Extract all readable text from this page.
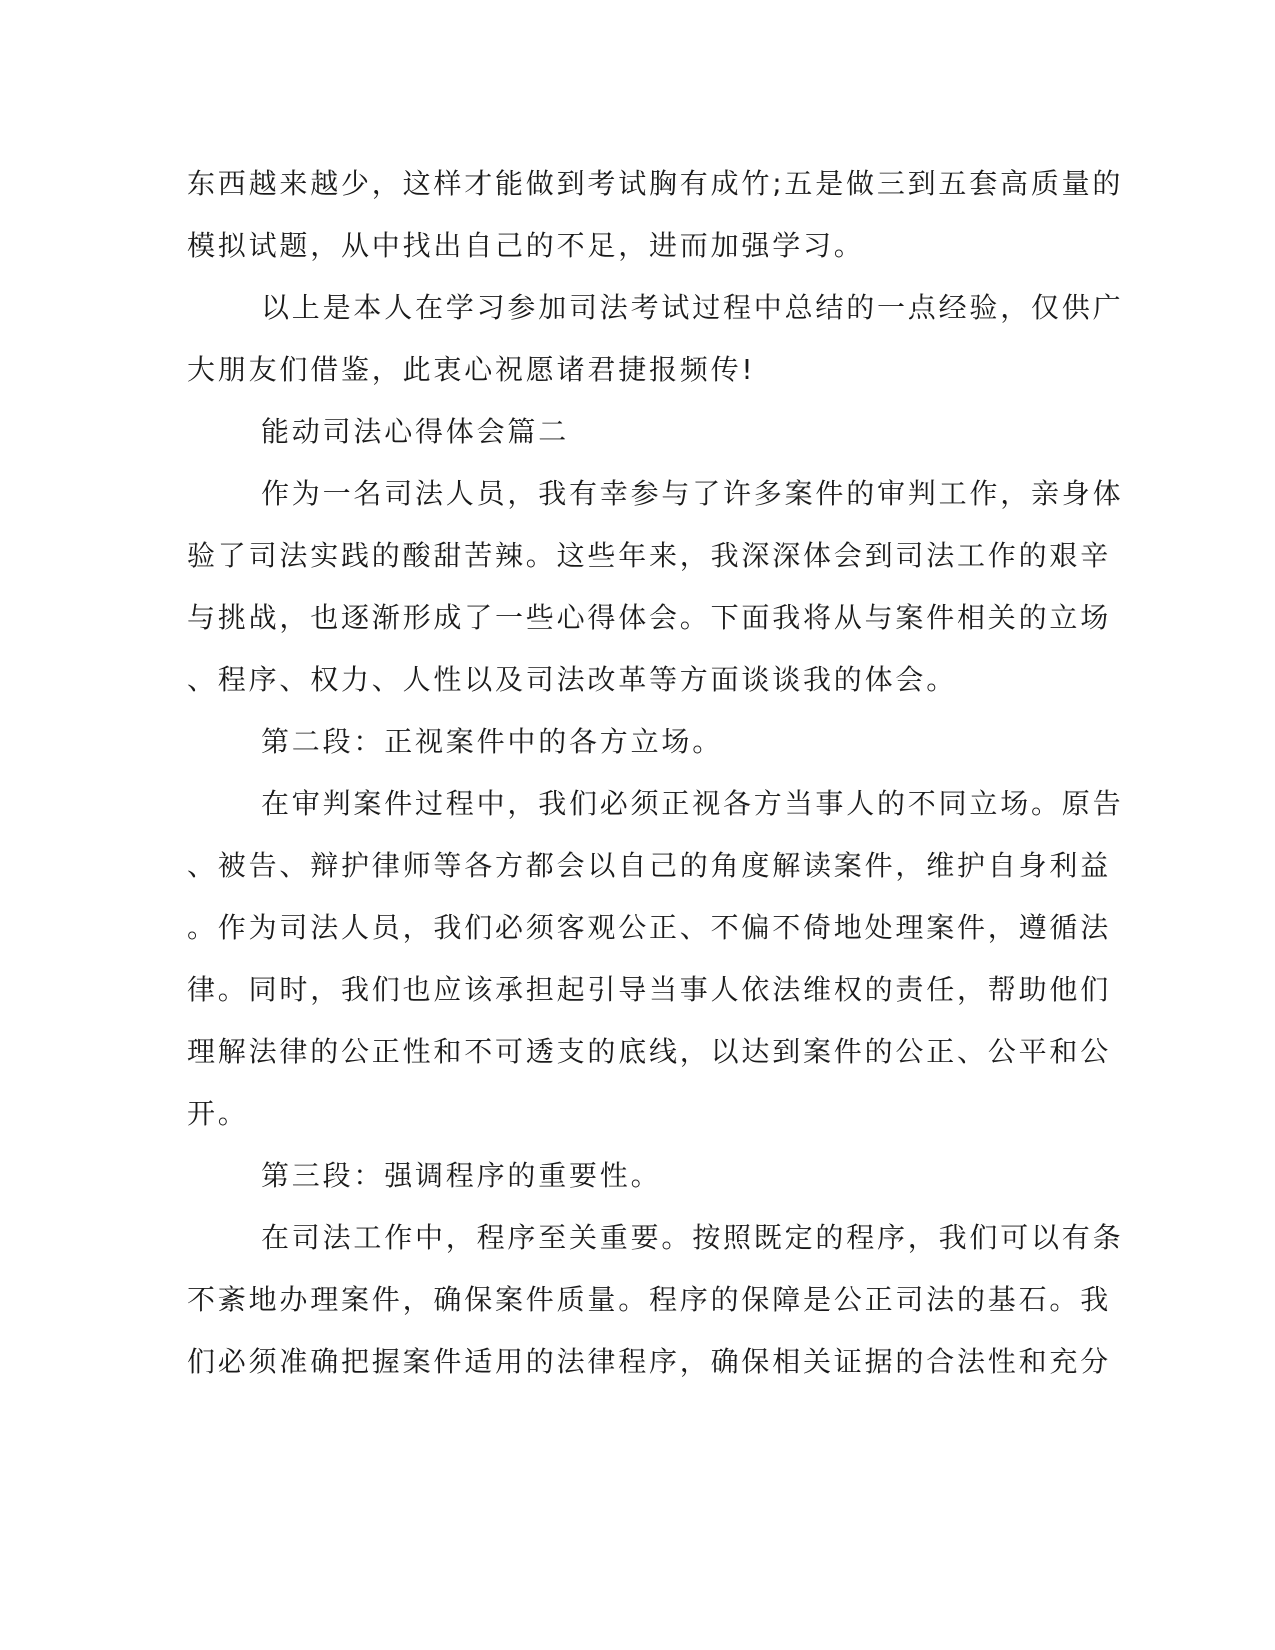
东西越来越少，这样才能做到考试胸有成竹;五是做三到五套高质量的
模拟试题，从中找出自己的不足，进而加强学习。
以上是本人在学习参加司法考试过程中总结的一点经验，仅供广
大朋友们借鉴，此衷心祝愿诸君捷报频传!
能动司法心得体会篇二
作为一名司法人员，我有幸参与了许多案件的审判工作，亲身体
验了司法实践的酸甜苦辣。这些年来，我深深体会到司法工作的艰辛
与挑战，也逐渐形成了一些心得体会。下面我将从与案件相关的立场
、程序、权力、人性以及司法改革等方面谈谈我的体会。
第二段：正视案件中的各方立场。
在审判案件过程中，我们必须正视各方当事人的不同立场。原告
、被告、辩护律师等各方都会以自己的角度解读案件，维护自身利益
。作为司法人员，我们必须客观公正、不偏不倚地处理案件，遵循法
律。同时，我们也应该承担起引导当事人依法维权的责任，帮助他们
理解法律的公正性和不可透支的底线，以达到案件的公正、公平和公
开。
第三段：强调程序的重要性。
在司法工作中，程序至关重要。按照既定的程序，我们可以有条
不紊地办理案件，确保案件质量。程序的保障是公正司法的基石。我
们必须准确把握案件适用的法律程序，确保相关证据的合法性和充分
